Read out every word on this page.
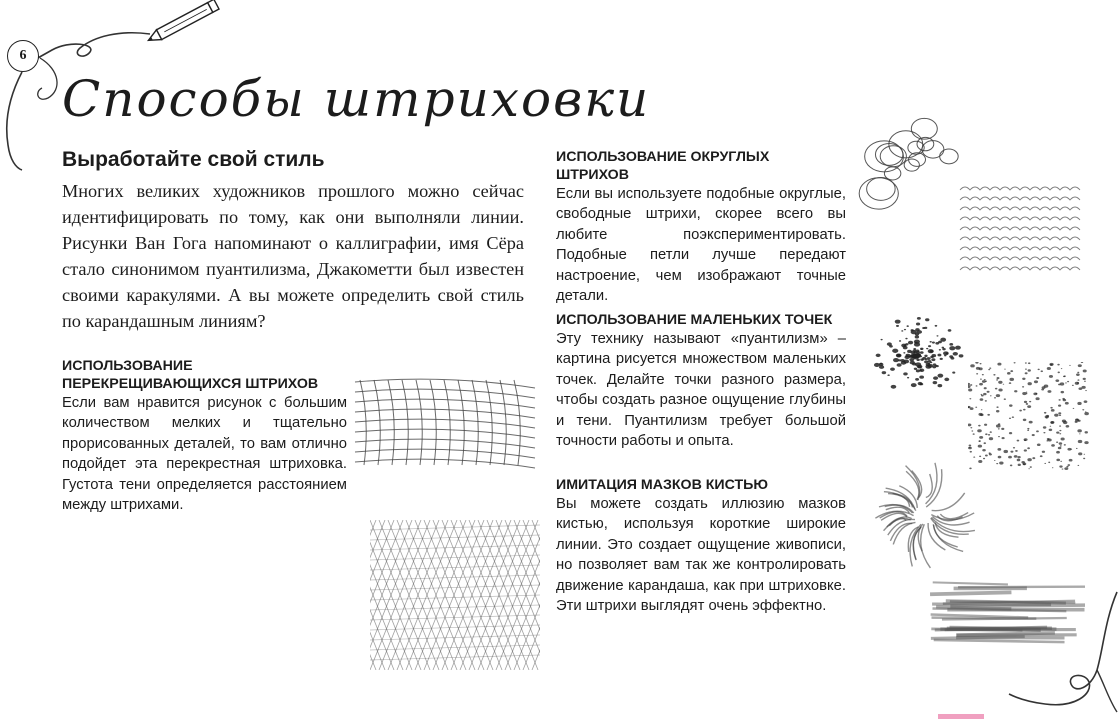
6
Способы штриховки
Выработайте свой стиль

Многих великих художников прошлого можно сейчас идентифицировать по тому, как они выполняли линии. Рисунки Ван Гога напоминают о каллиграфии, имя Сёра стало синонимом пуантилизма, Джакометти был известен своими каракулями. А вы можете определить свой стиль по карандашным линиям?

ИСПОЛЬЗОВАНИЕ ПЕРЕКРЕЩИВАЮЩИХСЯ ШТРИХОВ

Если вам нравится рисунок с большим количеством мелких и тщательно прорисованных деталей, то вам отлично подойдет эта перекрестная штриховка. Густота тени определяется расстоянием между штрихами.

ИСПОЛЬЗОВАНИЕ ОКРУГЛЫХ ШТРИХОВ

Если вы используете подобные округлые, свободные штрихи, скорее всего вы любите поэкспериментировать. Подобные петли лучше передают настроение, чем изображают точные детали.

ИСПОЛЬЗОВАНИЕ МАЛЕНЬКИХ ТОЧЕК

Эту технику называют «пуантилизм» – картина рисуется множеством маленьких точек. Делайте точки разного размера, чтобы создать разное ощущение глубины и тени. Пуантилизм требует большой точности работы и опыта.

ИМИТАЦИЯ МАЗКОВ КИСТЬЮ

Вы можете создать иллюзию мазков кистью, используя короткие широкие линии. Это создает ощущение живописи, но позволяет вам так же контролировать движение карандаша, как при штриховке. Эти штрихи выглядят очень эффектно.
